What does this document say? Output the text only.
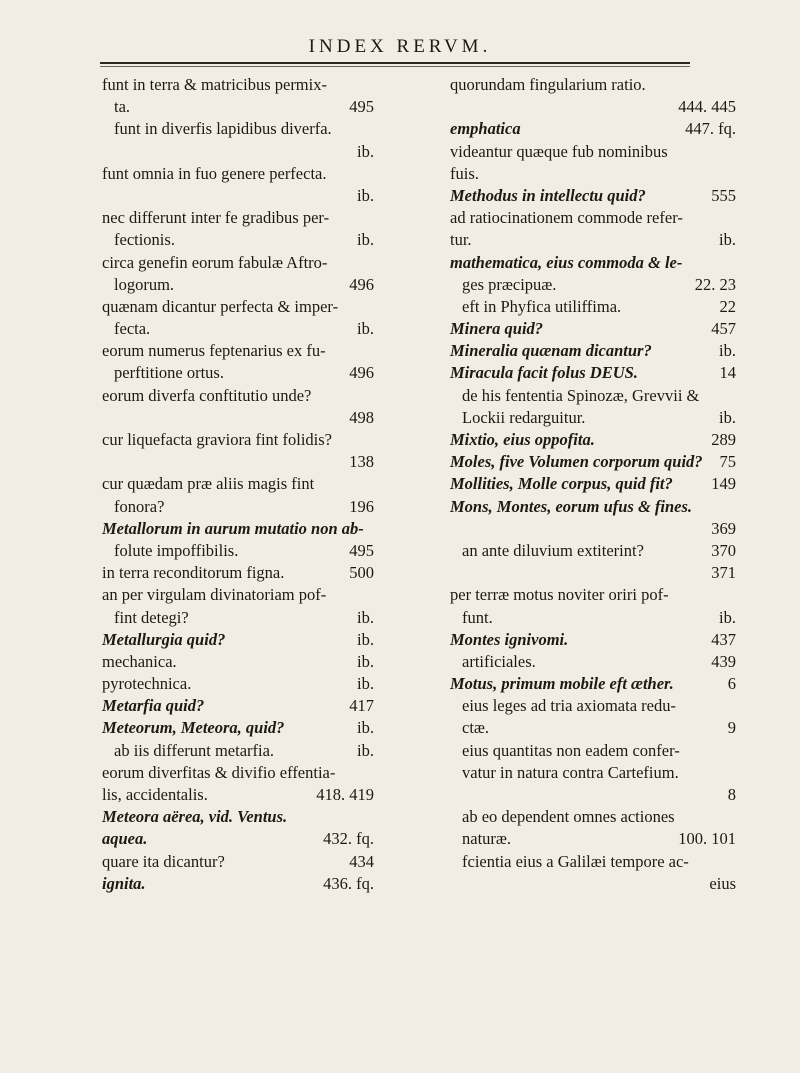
INDEX RERVM.
funt in terra & matricibus permix-
ta.	495
funt in diverfis lapidibus diverfa.
ib.
funt omnia in fuo genere perfecta.
ib.
nec differunt inter fe gradibus per-
fectionis.	ib.
circa genefin eorum fabulæ Aftro-
logorum.	496
quænam dicantur perfecta & imper-
fecta.	ib.
eorum numerus feptenarius ex fu-
perftitione ortus.	496
eorum diverfa conftitutio unde?
498
cur liquefacta graviora fint folidis?
138
cur quædam præ aliis magis fint
fonora?	196
Metallorum in aurum mutatio non ab-
folute impoffibilis.	495
in terra reconditorum figna.	500
an per virgulam divinatoriam pof-
fint detegi?	ib.
Metallurgia quid?	ib.
mechanica.	ib.
pyrotechnica.	ib.
Metarfia quid?	417
Meteorum, Meteora, quid?	ib.
ab iis differunt metarfia.	ib.
eorum diverfitas & divifio effentia-
lis, accidentalis.	418. 419
Meteora aërea, vid. Ventus.
aquea.	432. fq.
quare ita dicantur?	434
ignita.	436. fq.
quorundam fingularium ratio.
444. 445
emphatica	447. fq.
videantur quæque fub nominibus
fuis.
Methodus in intellectu quid?	555
ad ratiocinationem commode refer-
tur.	ib.
mathematica, eius commoda & le-
ges præcipuæ.	22. 23
eft in Phyfica utiliffima.	22
Minera quid?	457
Mineralia quænam dicantur?	ib.
Miracula facit folus DEUS.	14
de his fententia Spinozæ, Grevvii &
Lockii redarguitur.	ib.
Mixtio, eius oppofita.	289
Moles, five Volumen corporum quid? 75
Mollities, Molle corpus, quid fit? 149
Mons, Montes, eorum ufus & fines.
369
an ante diluvium extiterint?	370
371
per terræ motus noviter oriri pof-
funt.	ib.
Montes ignivomi.	437
artificiales.	439
Motus, primum mobile eft æther.	6
eius leges ad tria axiomata redu-
ctæ.	9
eius quantitas non eadem confer-
vatur in natura contra Cartefium.
8
ab eo dependent omnes actiones
naturæ.	100. 101
fcientia eius a Galilæi tempore ac-
eius
